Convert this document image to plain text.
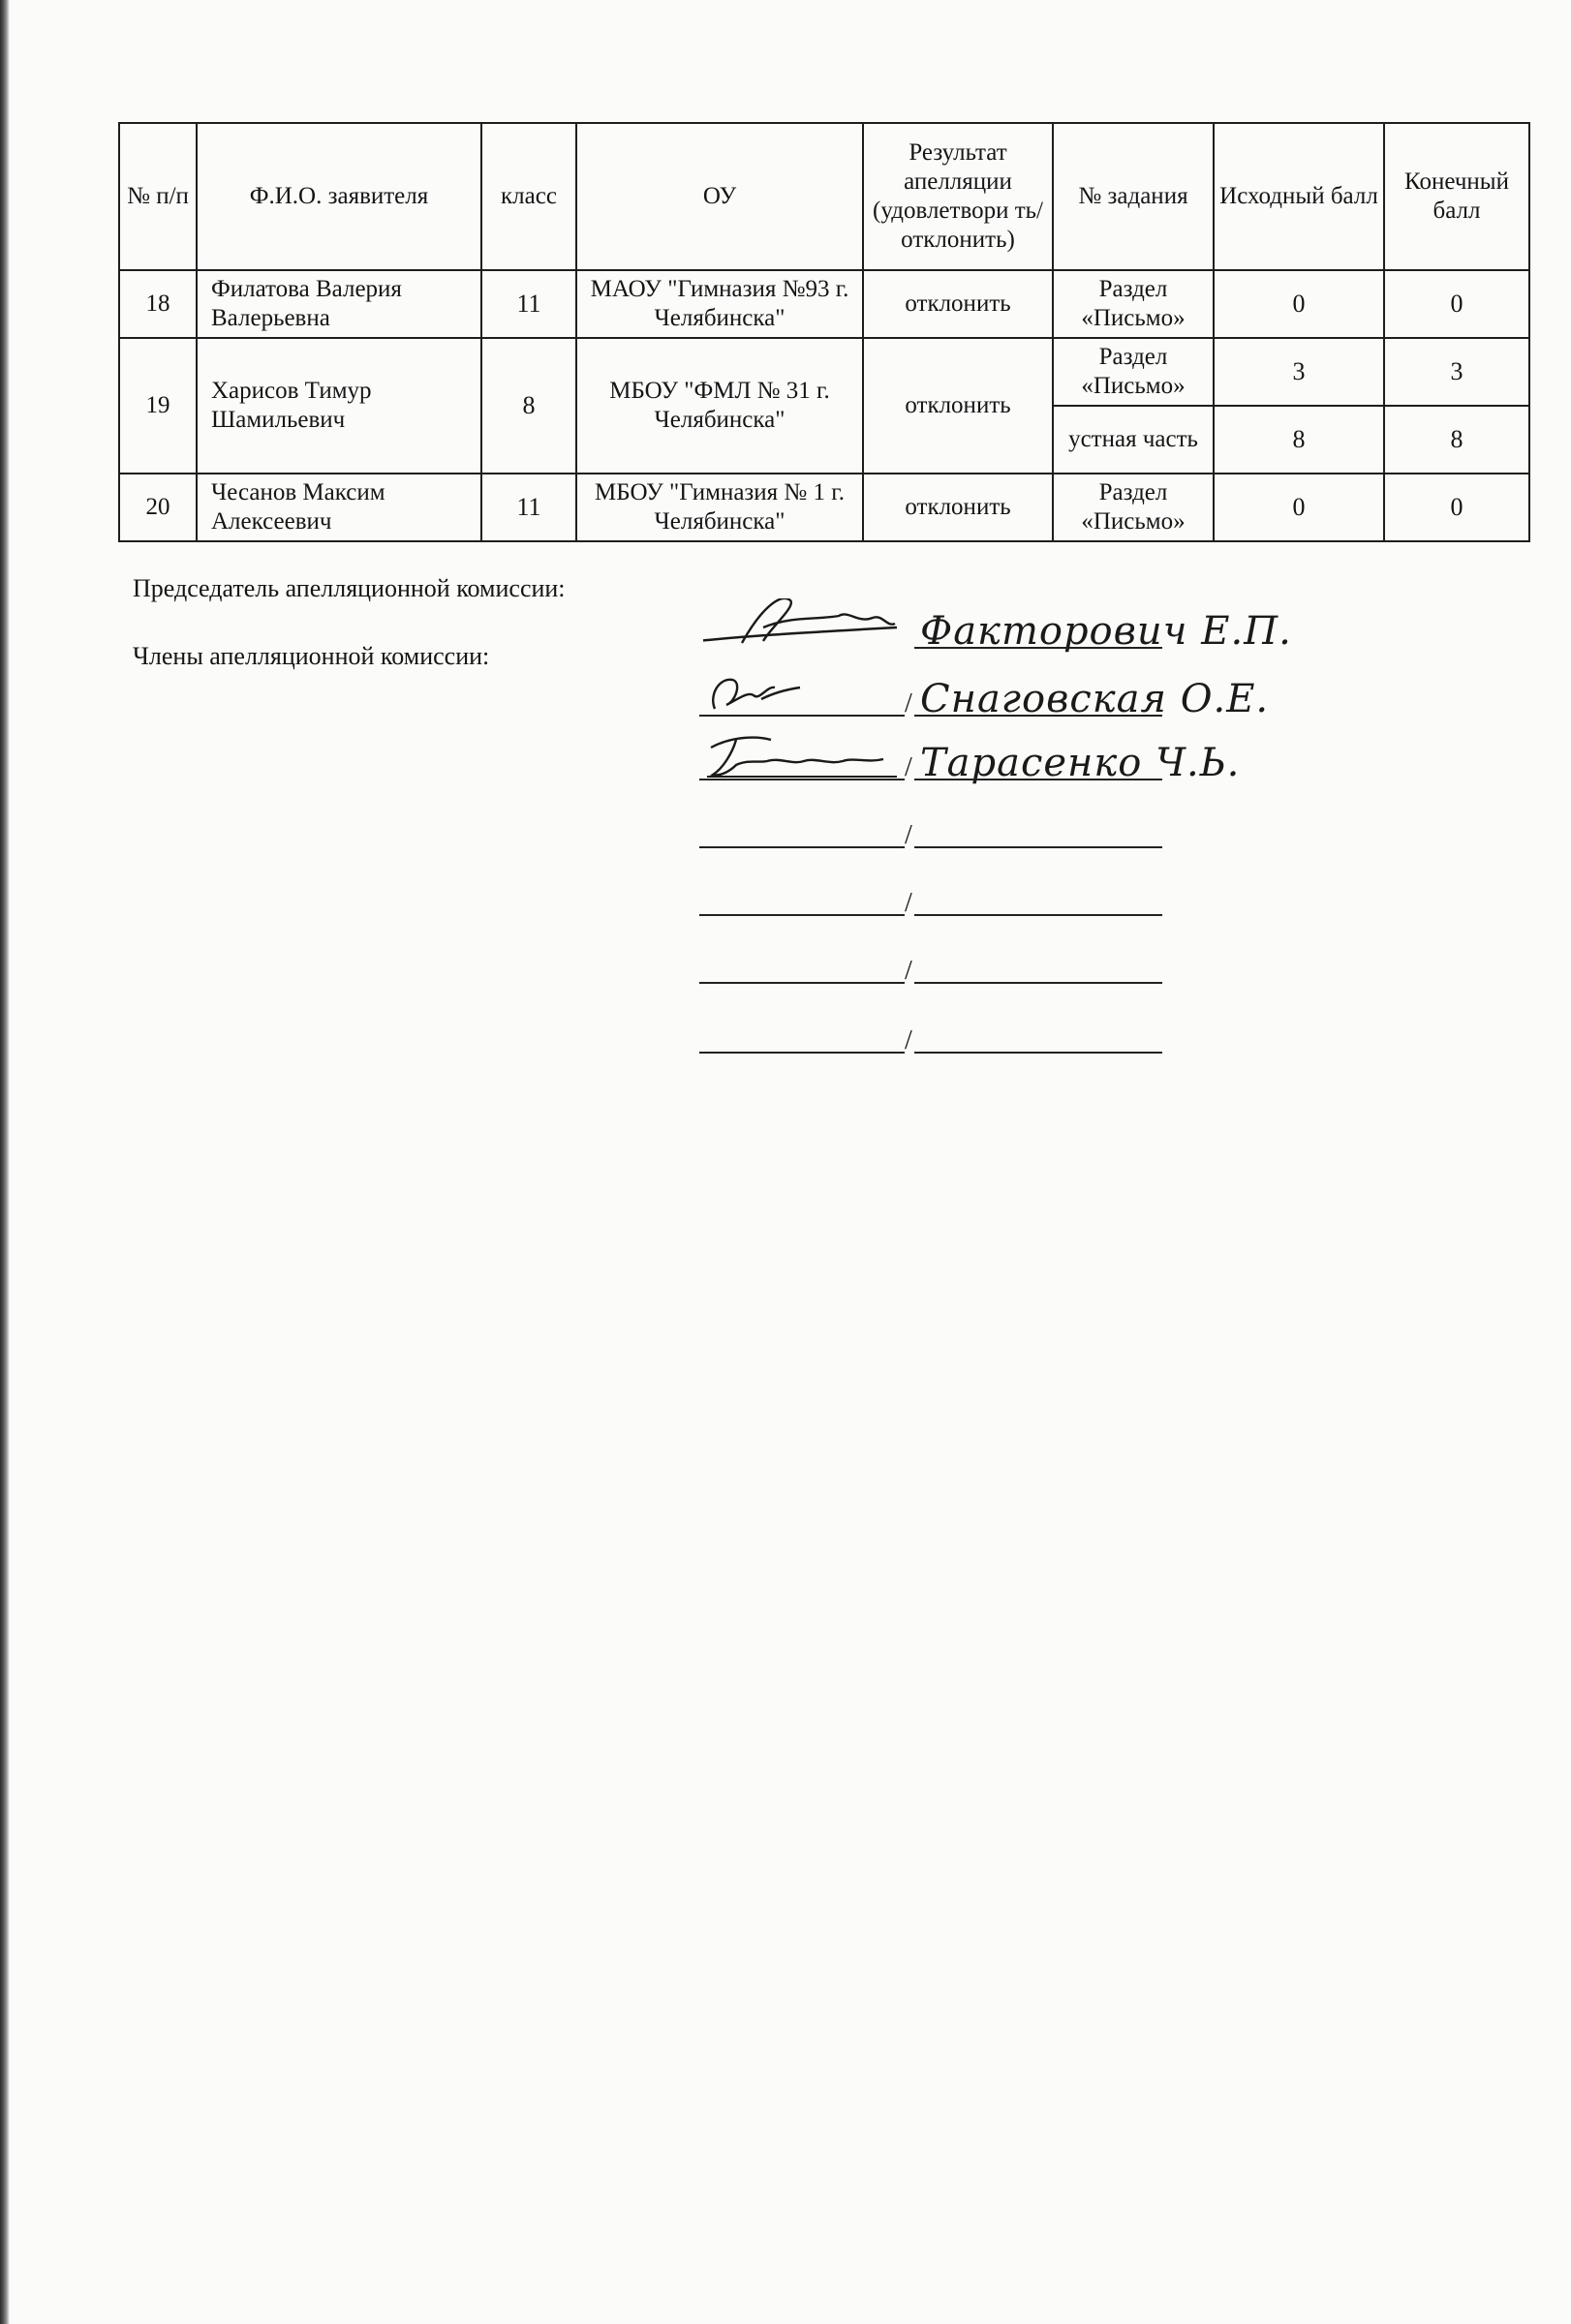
№ п/п	Ф.И.О. заявителя	класс	ОУ	Результат апелляции (удовлетвори ть/отклонить)	№ задания	Исходный балл	Конечный балл
18	Филатова Валерия Валерьевна	11	МАОУ "Гимназия №93 г. Челябинска"	отклонить	Раздел «Письмо»	0	0
19	Харисов Тимур Шамильевич	8	МБОУ "ФМЛ № 31 г. Челябинска"	отклонить	Раздел «Письмо»	3	3
					устная часть	8	8
20	Чесанов Максим Алексеевич	11	МБОУ "Гимназия № 1 г. Челябинска"	отклонить	Раздел «Письмо»	0	0
Председатель апелляционной комиссии:
Члены апелляционной комиссии:
Факторович Е.П.
/ Снаговская О.Е.
/ Тарасенко Ч.Ь.
/
/
/
/
